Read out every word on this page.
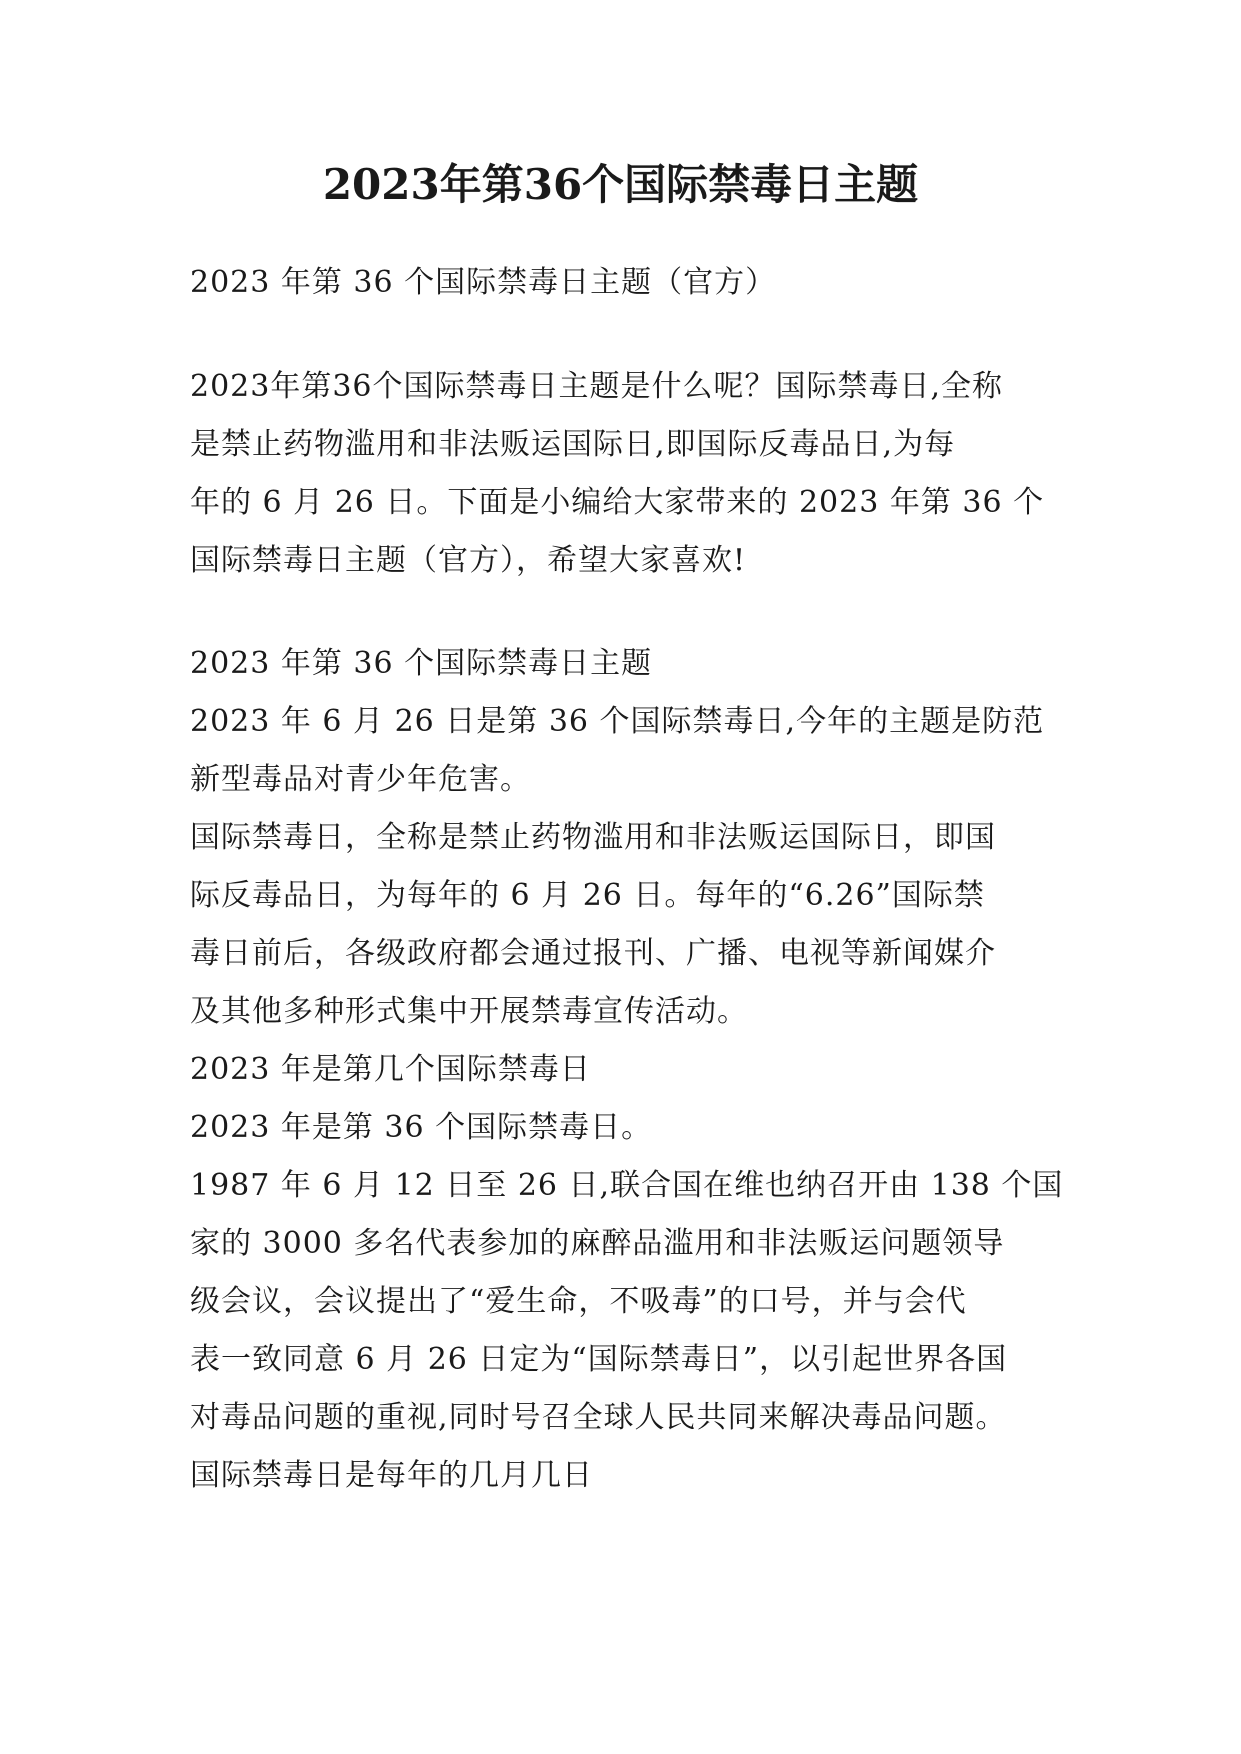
2023年第36个国际禁毒日主题

2023 年第 36 个国际禁毒日主题（官方）

2023年第36个国际禁毒日主题是什么呢？国际禁毒日,全称

是禁止药物滥用和非法贩运国际日,即国际反毒品日,为每

年的 6 月 26 日。下面是小编给大家带来的 2023 年第 36 个

国际禁毒日主题（官方），希望大家喜欢!

2023 年第 36 个国际禁毒日主题

2023 年 6 月 26 日是第 36 个国际禁毒日,今年的主题是防范

新型毒品对青少年危害。

国际禁毒日，全称是禁止药物滥用和非法贩运国际日，即国

际反毒品日，为每年的 6 月 26 日。每年的“6.26”国际禁

毒日前后，各级政府都会通过报刊、广播、电视等新闻媒介

及其他多种形式集中开展禁毒宣传活动。

2023 年是第几个国际禁毒日

2023 年是第 36 个国际禁毒日。

1987 年 6 月 12 日至 26 日,联合国在维也纳召开由 138 个国

家的 3000 多名代表参加的麻醉品滥用和非法贩运问题领导

级会议，会议提出了“爱生命，不吸毒”的口号，并与会代

表一致同意 6 月 26 日定为“国际禁毒日”，以引起世界各国

对毒品问题的重视,同时号召全球人民共同来解决毒品问题。

国际禁毒日是每年的几月几日
